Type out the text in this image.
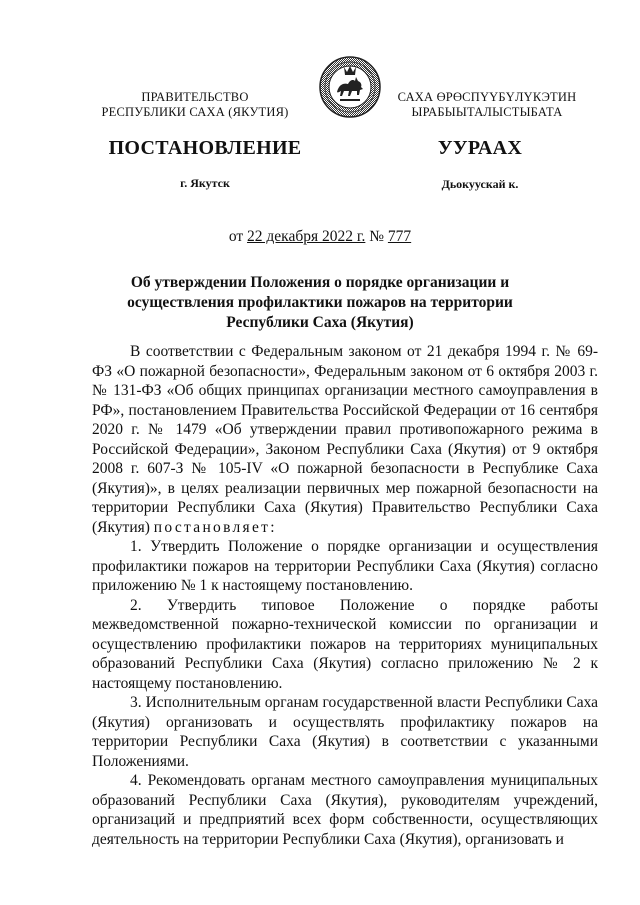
ПРАВИТЕЛЬСТВО
РЕСПУБЛИКИ САХА (ЯКУТИЯ)
САХА ӨРӨСПҮҮБҮЛҮКЭТИН
ЫРАБЫЫТАЛЫСТЫБАТА
ПОСТАНОВЛЕНИЕ	УУРААХ
г. Якутск	Дьокуускай к.
от 22 декабря 2022 г. № 777
Об утверждении Положения о порядке организации и осуществления профилактики пожаров на территории Республики Саха (Якутия)

В соответствии с Федеральным законом от 21 декабря 1994 г. № 69-ФЗ «О пожарной безопасности», Федеральным законом от 6 октября 2003 г. № 131-ФЗ «Об общих принципах организации местного самоуправления в РФ», постановлением Правительства Российской Федерации от 16 сентября 2020 г. № 1479 «Об утверждении правил противопожарного режима в Российской Федерации», Законом Республики Саха (Якутия) от 9 октября 2008 г. 607-З № 105-IV «О пожарной безопасности в Республике Саха (Якутия)», в целях реализации первичных мер пожарной безопасности на территории Республики Саха (Якутия) Правительство Республики Саха (Якутия) постановляет:

1. Утвердить Положение о порядке организации и осуществления профилактики пожаров на территории Республики Саха (Якутия) согласно приложению № 1 к настоящему постановлению.

2. Утвердить типовое Положение о порядке работы межведомственной пожарно-технической комиссии по организации и осуществлению профилактики пожаров на территориях муниципальных образований Республики Саха (Якутия) согласно приложению № 2 к настоящему постановлению.

3. Исполнительным органам государственной власти Республики Саха (Якутия) организовать и осуществлять профилактику пожаров на территории Республики Саха (Якутия) в соответствии с указанными Положениями.

4. Рекомендовать органам местного самоуправления муниципальных образований Республики Саха (Якутия), руководителям учреждений, организаций и предприятий всех форм собственности, осуществляющих деятельность на территории Республики Саха (Якутия), организовать и
